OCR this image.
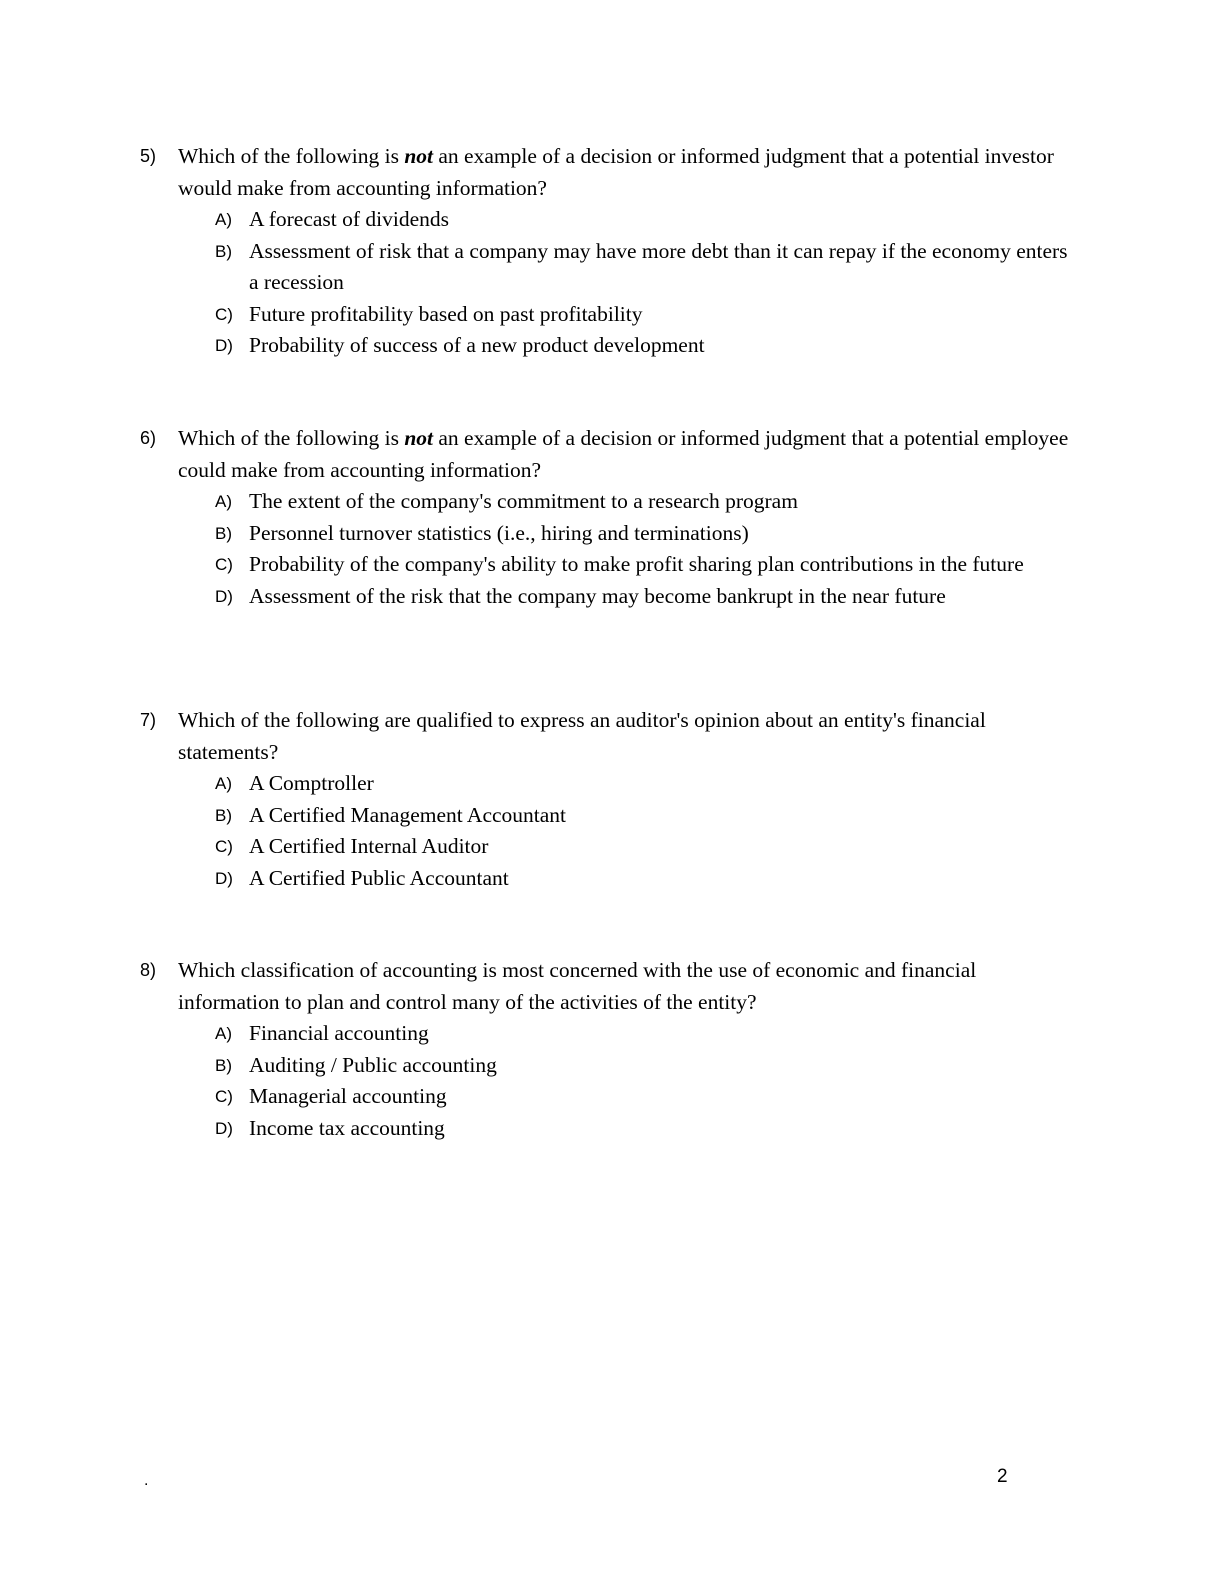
5) Which of the following is not an example of a decision or informed judgment that a potential investor would make from accounting information?
A) A forecast of dividends
B) Assessment of risk that a company may have more debt than it can repay if the economy enters a recession
C) Future profitability based on past profitability
D) Probability of success of a new product development
6) Which of the following is not an example of a decision or informed judgment that a potential employee could make from accounting information?
A) The extent of the company's commitment to a research program
B) Personnel turnover statistics (i.e., hiring and terminations)
C) Probability of the company's ability to make profit sharing plan contributions in the future
D) Assessment of the risk that the company may become bankrupt in the near future
7) Which of the following are qualified to express an auditor's opinion about an entity's financial statements?
A) A Comptroller
B) A Certified Management Accountant
C) A Certified Internal Auditor
D) A Certified Public Accountant
8) Which classification of accounting is most concerned with the use of economic and financial information to plan and control many of the activities of the entity?
A) Financial accounting
B) Auditing / Public accounting
C) Managerial accounting
D) Income tax accounting
.	2
